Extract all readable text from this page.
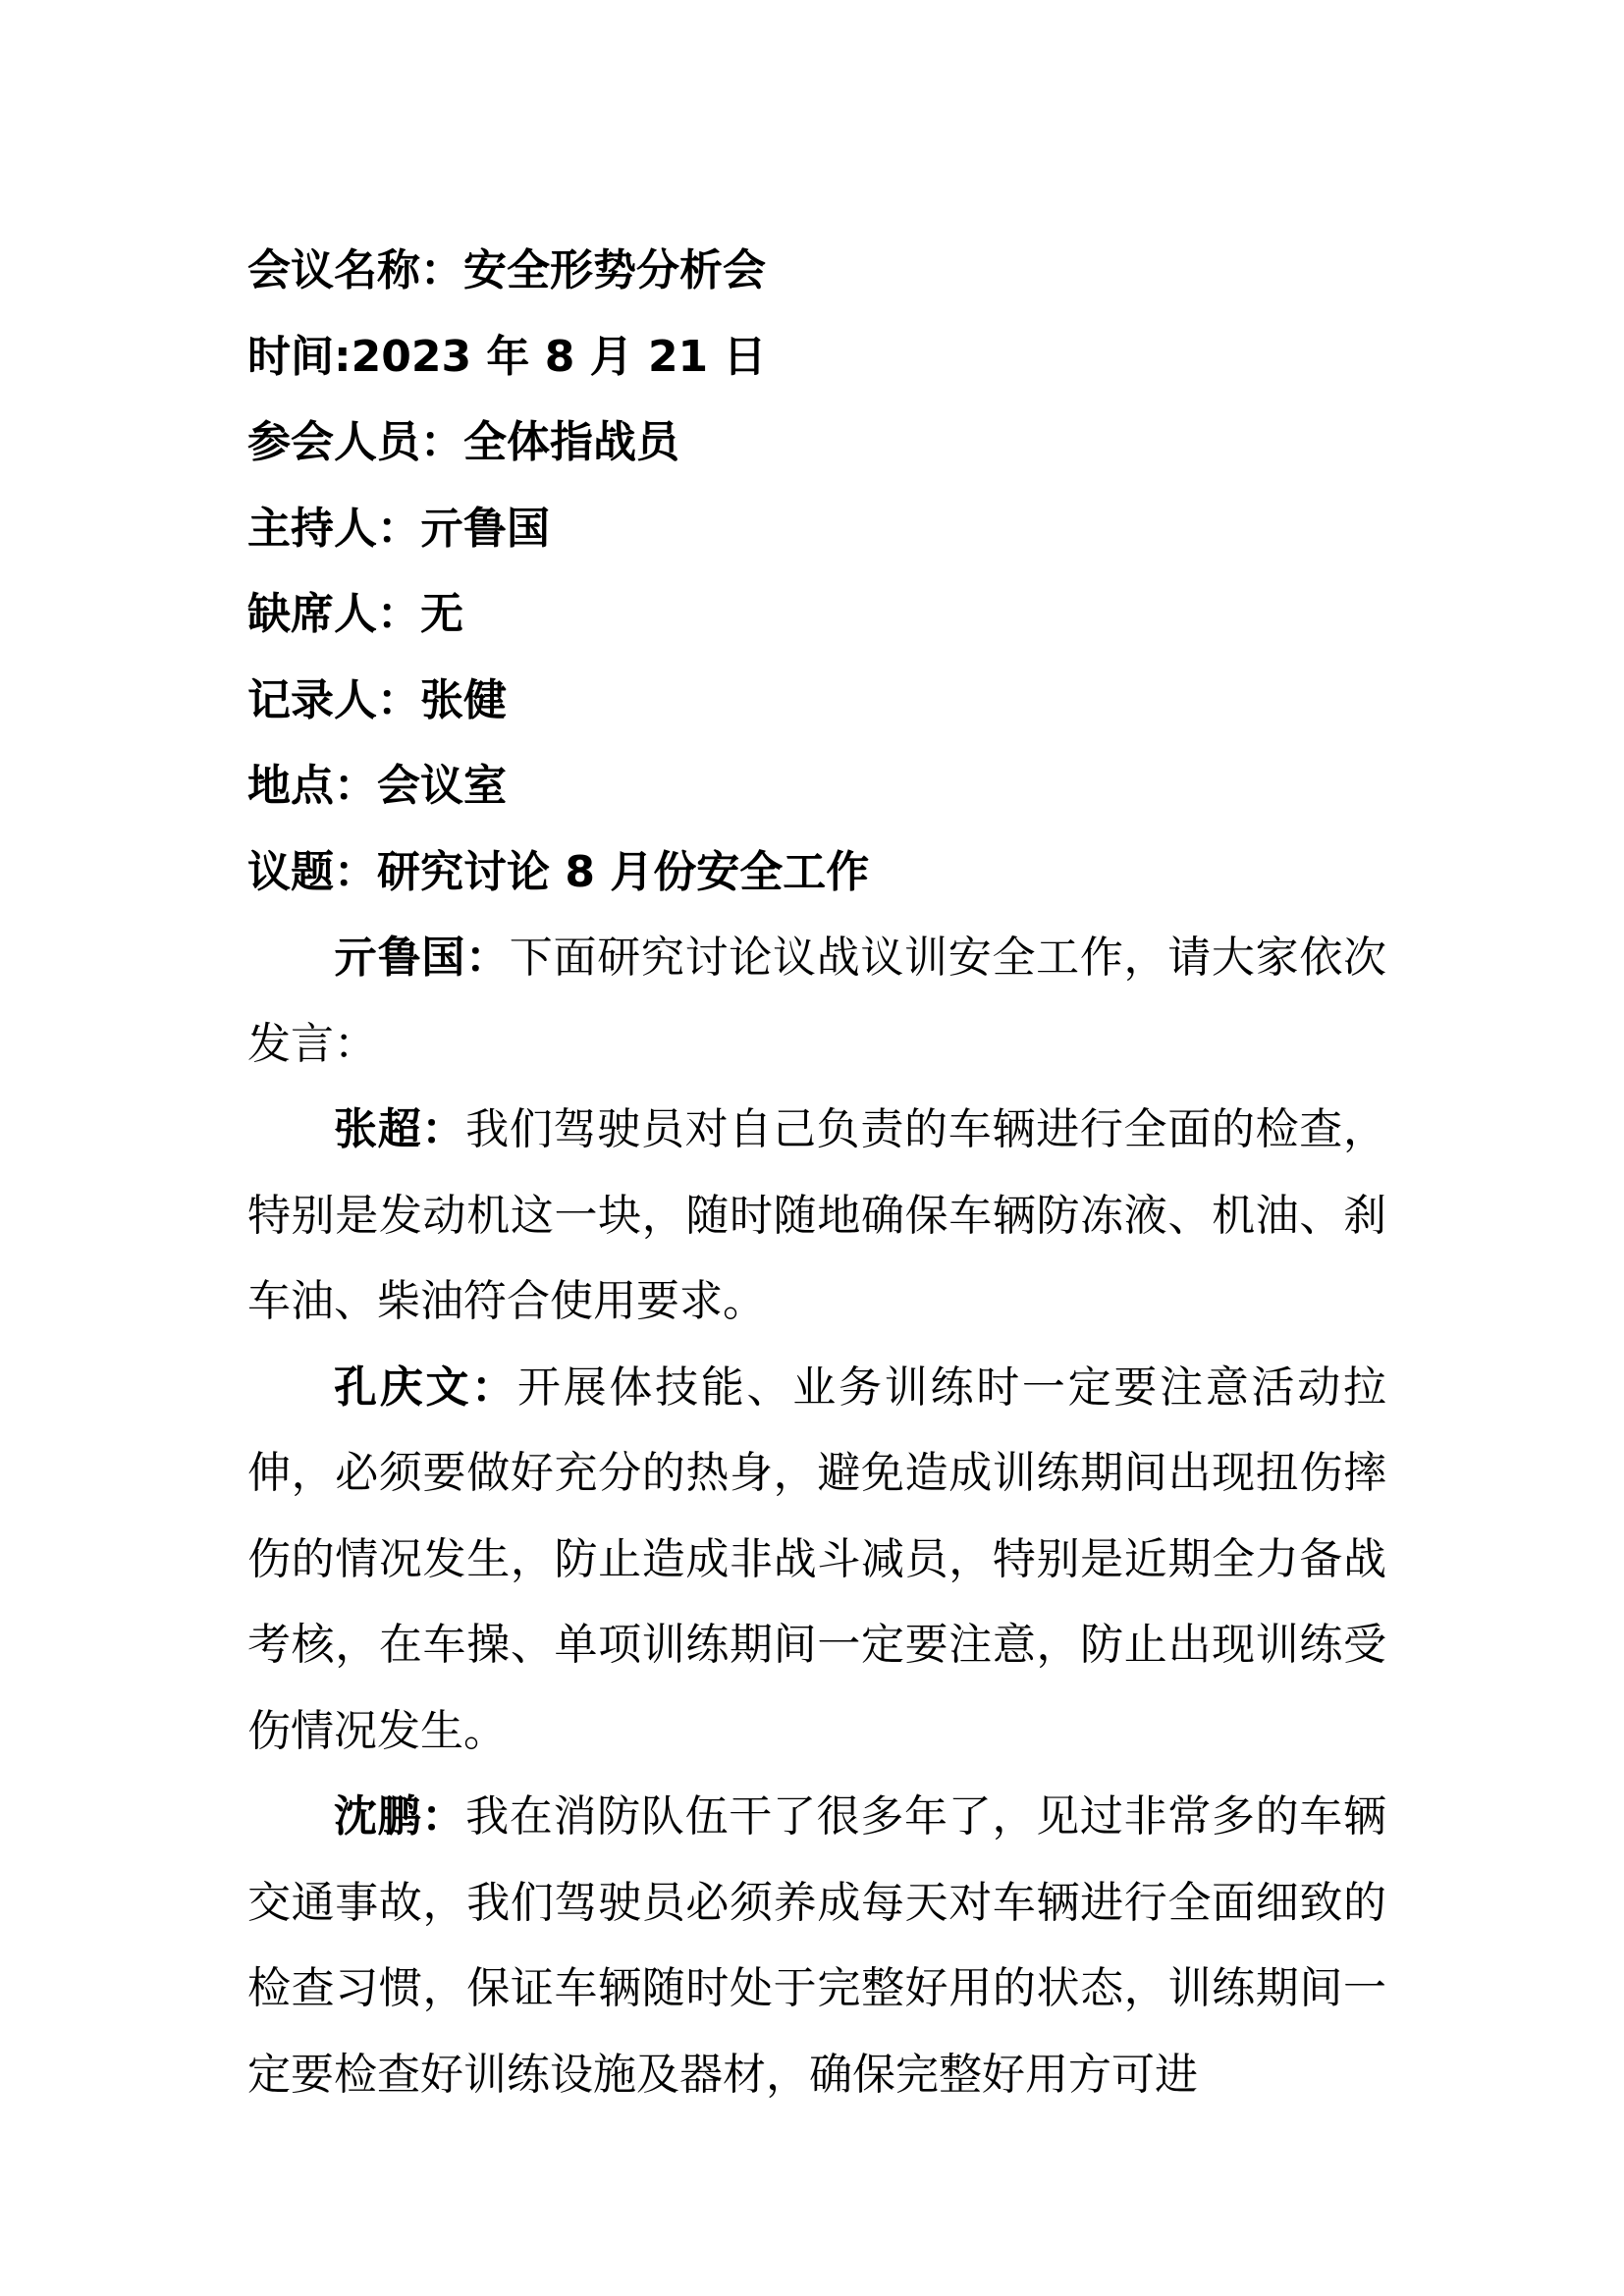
会议名称：安全形势分析会
时间:2023 年 8 月 21 日
参会人员：全体指战员
主持人：亓鲁国
缺席人：无
记录人：张健
地点：会议室
议题：研究讨论 8 月份安全工作

亓鲁国：下面研究讨论议战议训安全工作，请大家依次发言：

张超：我们驾驶员对自己负责的车辆进行全面的检查，特别是发动机这一块，随时随地确保车辆防冻液、机油、刹车油、柴油符合使用要求。

孔庆文：开展体技能、业务训练时一定要注意活动拉伸，必须要做好充分的热身，避免造成训练期间出现扭伤摔伤的情况发生，防止造成非战斗减员，特别是近期全力备战考核，在车操、单项训练期间一定要注意，防止出现训练受伤情况发生。

沈鹏：我在消防队伍干了很多年了，见过非常多的车辆交通事故，我们驾驶员必须养成每天对车辆进行全面细致的检查习惯，保证车辆随时处于完整好用的状态，训练期间一定要检查好训练设施及器材，确保完整好用方可进
